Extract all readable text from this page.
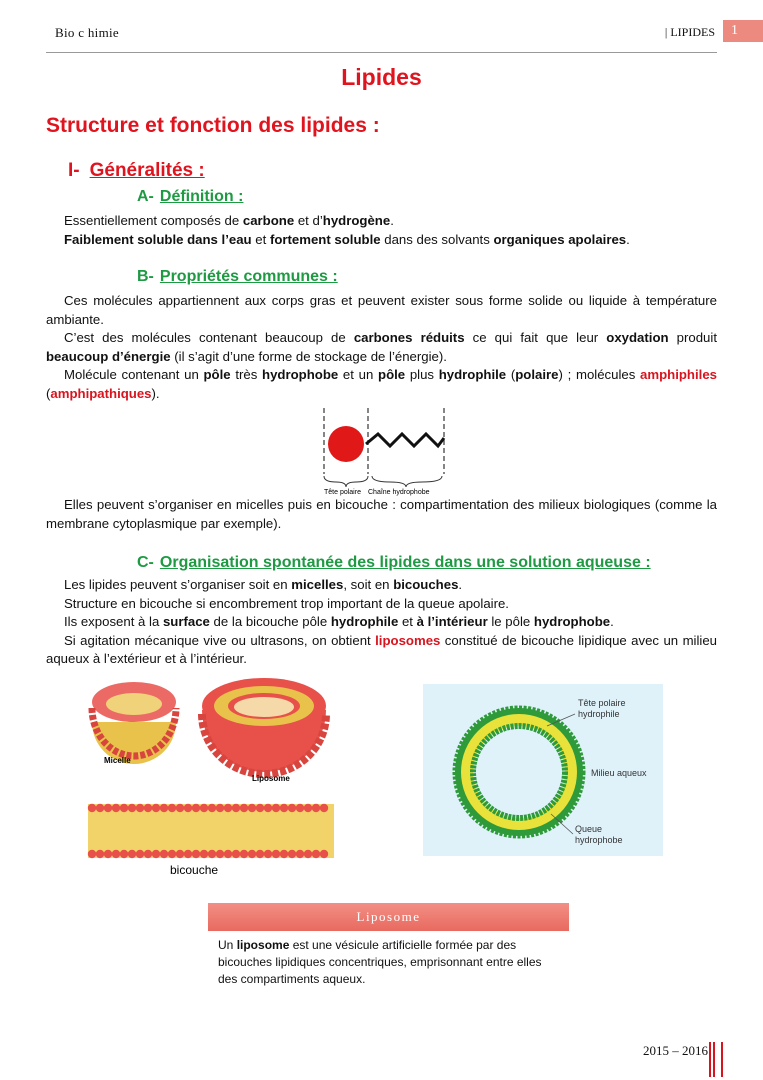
Bio c himie	| LIPIDES	1
Lipides
Structure et fonction des lipides :
I- Généralités :
A- Définition :

Essentiellement composés de carbone et d’hydrogène.

Faiblement soluble dans l’eau et fortement soluble dans des solvants organiques apolaires.

B- Propriétés communes :

Ces molécules appartiennent aux corps gras et peuvent exister sous forme solide ou liquide à température ambiante.

C’est des molécules contenant beaucoup de carbones réduits ce qui fait que leur oxydation produit beaucoup d’énergie (il s’agit d’une forme de stockage de l’énergie).

Molécule contenant un pôle très hydrophobe et un pôle plus hydrophile (polaire) ; molécules amphiphiles (amphipathiques).

Tête polaire Chaîne hydrophobe

Elles peuvent s’organiser en micelles puis en bicouche : compartimentation des milieux biologiques (comme la membrane cytoplasmique par exemple).

C- Organisation spontanée des lipides dans une solution aqueuse :

Les lipides peuvent s’organiser soit en micelles, soit en bicouches.

Structure en bicouche si encombrement trop important de la queue apolaire.

Ils exposent à la surface de la bicouche pôle hydrophile et à l’intérieur le pôle hydrophobe.

Si agitation mécanique vive ou ultrasons, on obtient liposomes constitué de bicouche lipidique avec un milieu aqueux à l’extérieur et à l’intérieur.

Micelle
Liposome
bicouche
Tête polaire
hydrophile
Milieu aqueux
Queue
hydrophobe
Liposome
Un liposome est une vésicule artificielle formée par des bicouches lipidiques concentriques, emprisonnant entre elles des compartiments aqueux.
2015 – 2016
